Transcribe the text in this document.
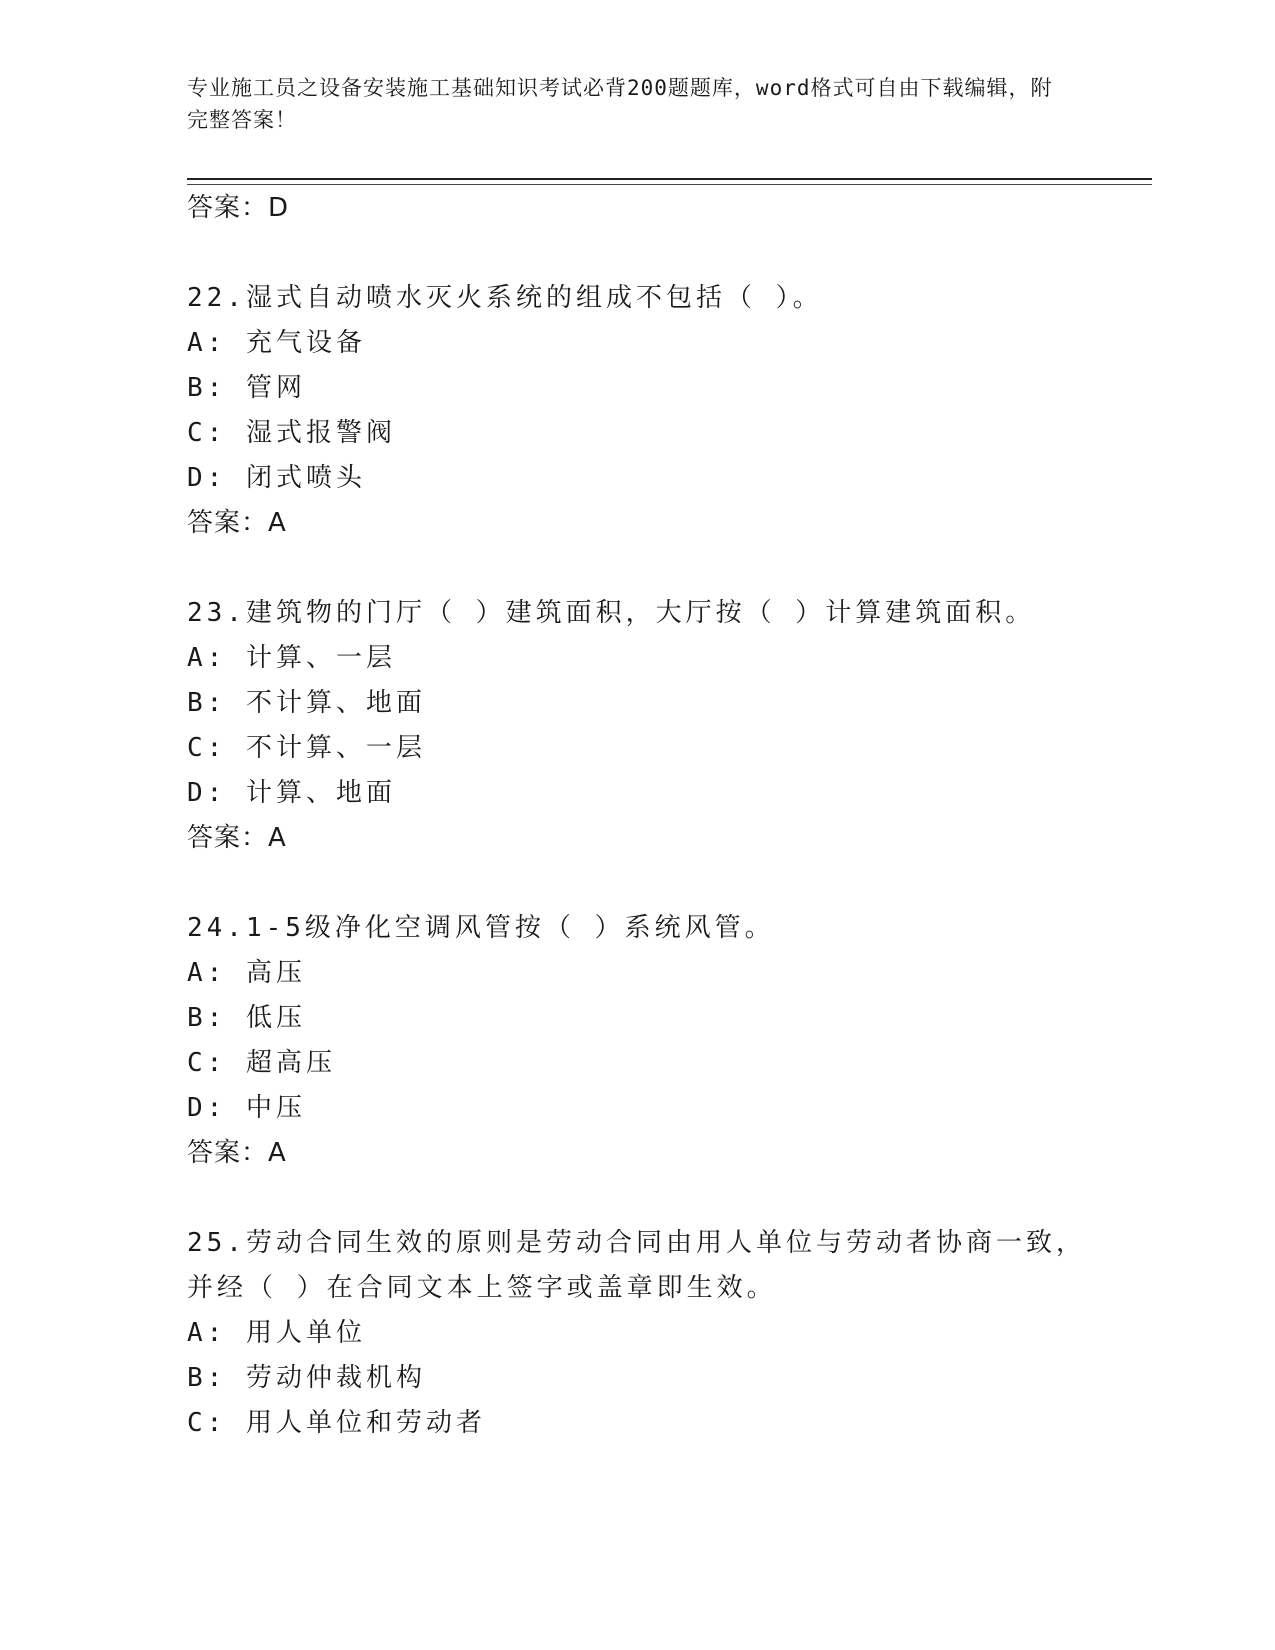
专业施工员之设备安装施工基础知识考试必背200题题库，word格式可自由下载编辑，附完整答案！
答案：D
22.湿式自动喷水灭火系统的组成不包括（ ）。
A: 充气设备
B: 管网
C: 湿式报警阀
D: 闭式喷头
答案：A
23.建筑物的门厅（ ）建筑面积，大厅按（ ）计算建筑面积。
A: 计算、一层
B: 不计算、地面
C: 不计算、一层
D: 计算、地面
答案：A
24.1-5级净化空调风管按（ ）系统风管。
A: 高压
B: 低压
C: 超高压
D: 中压
答案：A
25.劳动合同生效的原则是劳动合同由用人单位与劳动者协商一致，并经（ ）在合同文本上签字或盖章即生效。
A: 用人单位
B: 劳动仲裁机构
C: 用人单位和劳动者
